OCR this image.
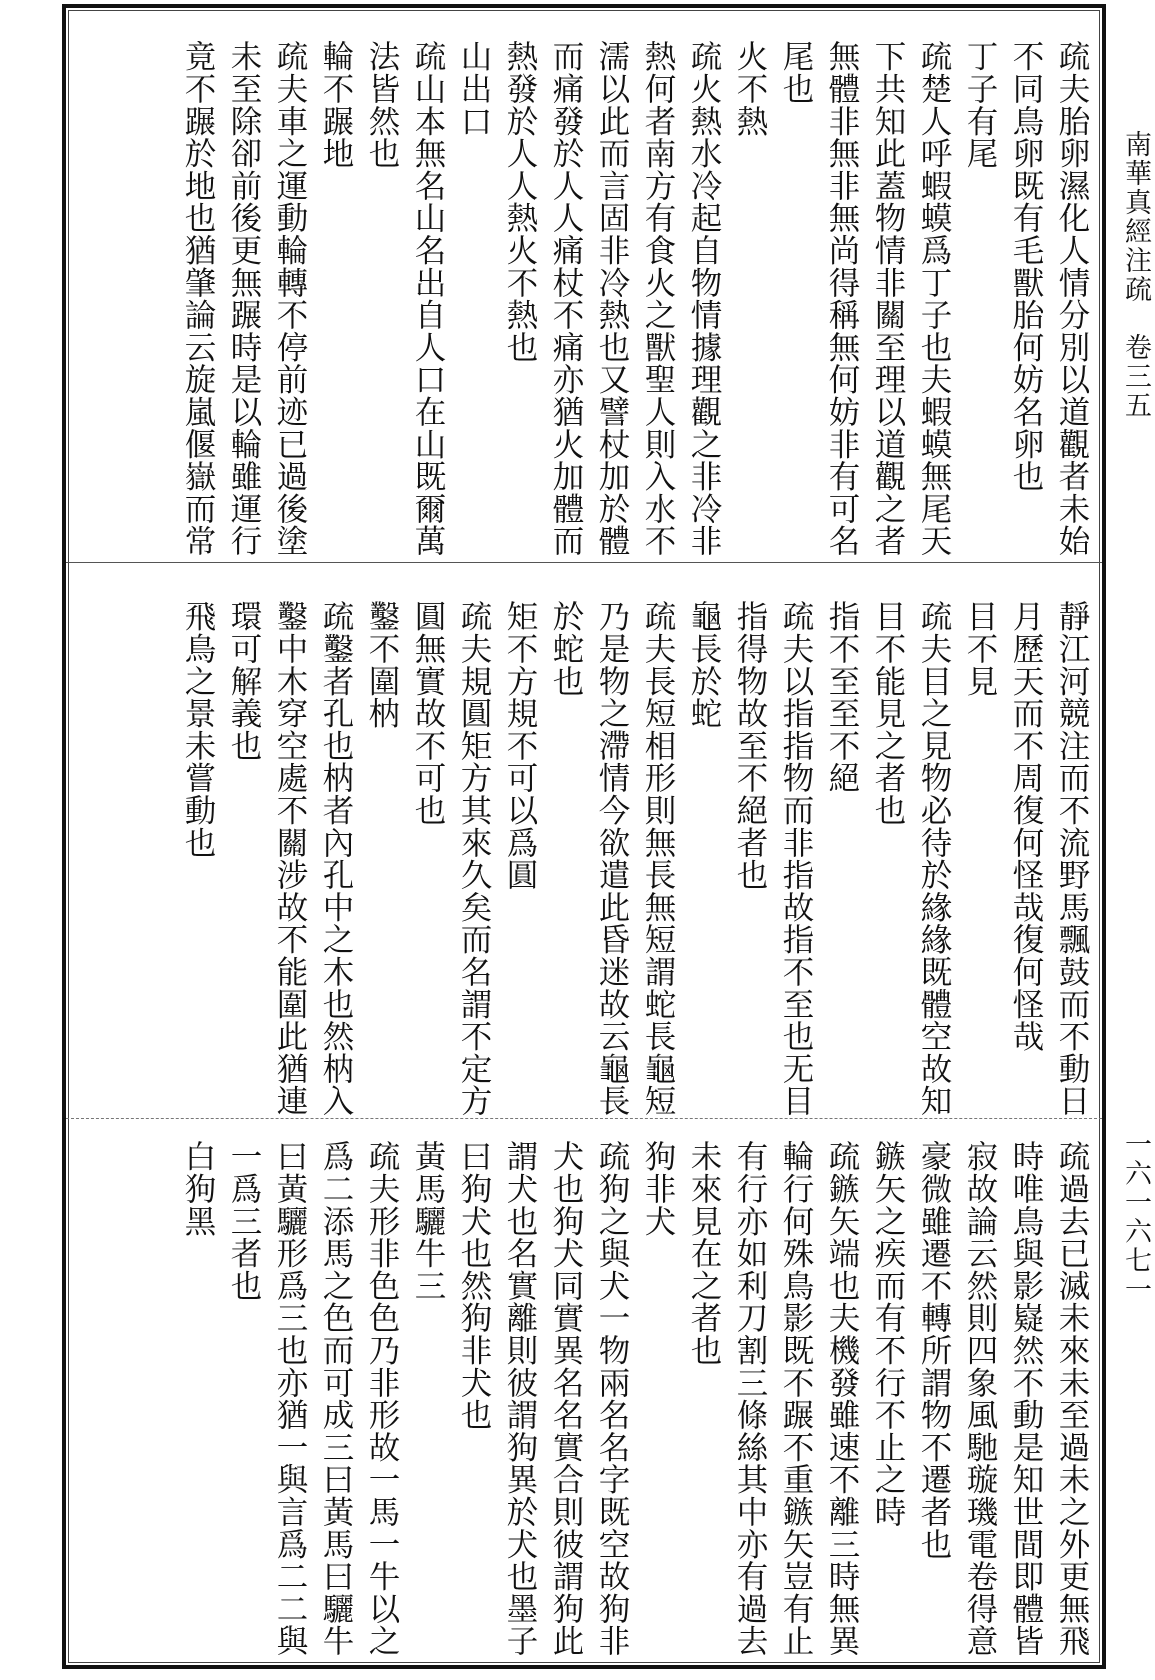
南華真經注疏　卷三五
一六一六七一
疏夫胎卵濕化人情分別以道觀者未始
不同鳥卵既有毛獸胎何妨名卵也
丁子有尾
疏楚人呼蝦蟆爲丁子也夫蝦蟆無尾天
下共知此蓋物情非關至理以道觀之者
無體非無非無尚得稱無何妨非有可名
尾也
火不熱
疏火熱水冷起自物情據理觀之非冷非
熱何者南方有食火之獸聖人則入水不
濡以此而言固非冷熱也又譬杖加於體
而痛發於人人痛杖不痛亦猶火加體而
熱發於人人熱火不熱也
山出口
疏山本無名山名出自人口在山既爾萬
法皆然也
輪不蹍地
疏夫車之運動輪轉不停前迹已過後塗
未至除卻前後更無蹍時是以輪雖運行
竟不蹍於地也猶肇論云旋嵐偃嶽而常
靜江河競注而不流野馬飄鼓而不動日
月歷天而不周復何怪哉復何怪哉
目不見
疏夫目之見物必待於緣緣既體空故知
目不能見之者也
指不至至不絕
疏夫以指指物而非指故指不至也无目
指得物故至不絕者也
龜長於蛇
疏夫長短相形則無長無短謂蛇長龜短
乃是物之滯情今欲遣此昏迷故云龜長
於蛇也
矩不方規不可以爲圓
疏夫規圓矩方其來久矣而名謂不定方
圓無實故不可也
鑿不圍枘
疏鑿者孔也枘者內孔中之木也然枘入
鑿中木穿空處不關涉故不能圍此猶連
環可解義也
飛鳥之景未嘗動也
疏過去已滅未來未至過未之外更無飛
時唯鳥與影嶷然不動是知世間即體皆
寂故論云然則四象風馳璇璣電卷得意
豪微雖遷不轉所謂物不遷者也
鏃矢之疾而有不行不止之時
疏鏃矢端也夫機發雖速不離三時無異
輪行何殊鳥影既不蹍不重鏃矢豈有止
有行亦如利刀割三條絲其中亦有過去
未來見在之者也
狗非犬
疏狗之與犬一物兩名名字既空故狗非
犬也狗犬同實異名名實合則彼謂狗此
謂犬也名實離則彼謂狗異於犬也墨子
曰狗犬也然狗非犬也
黃馬驪牛三
疏夫形非色色乃非形故一馬一牛以之
爲二添馬之色而可成三曰黃馬曰驪牛
曰黃驪形爲三也亦猶一與言爲二二與
一爲三者也
白狗黑
